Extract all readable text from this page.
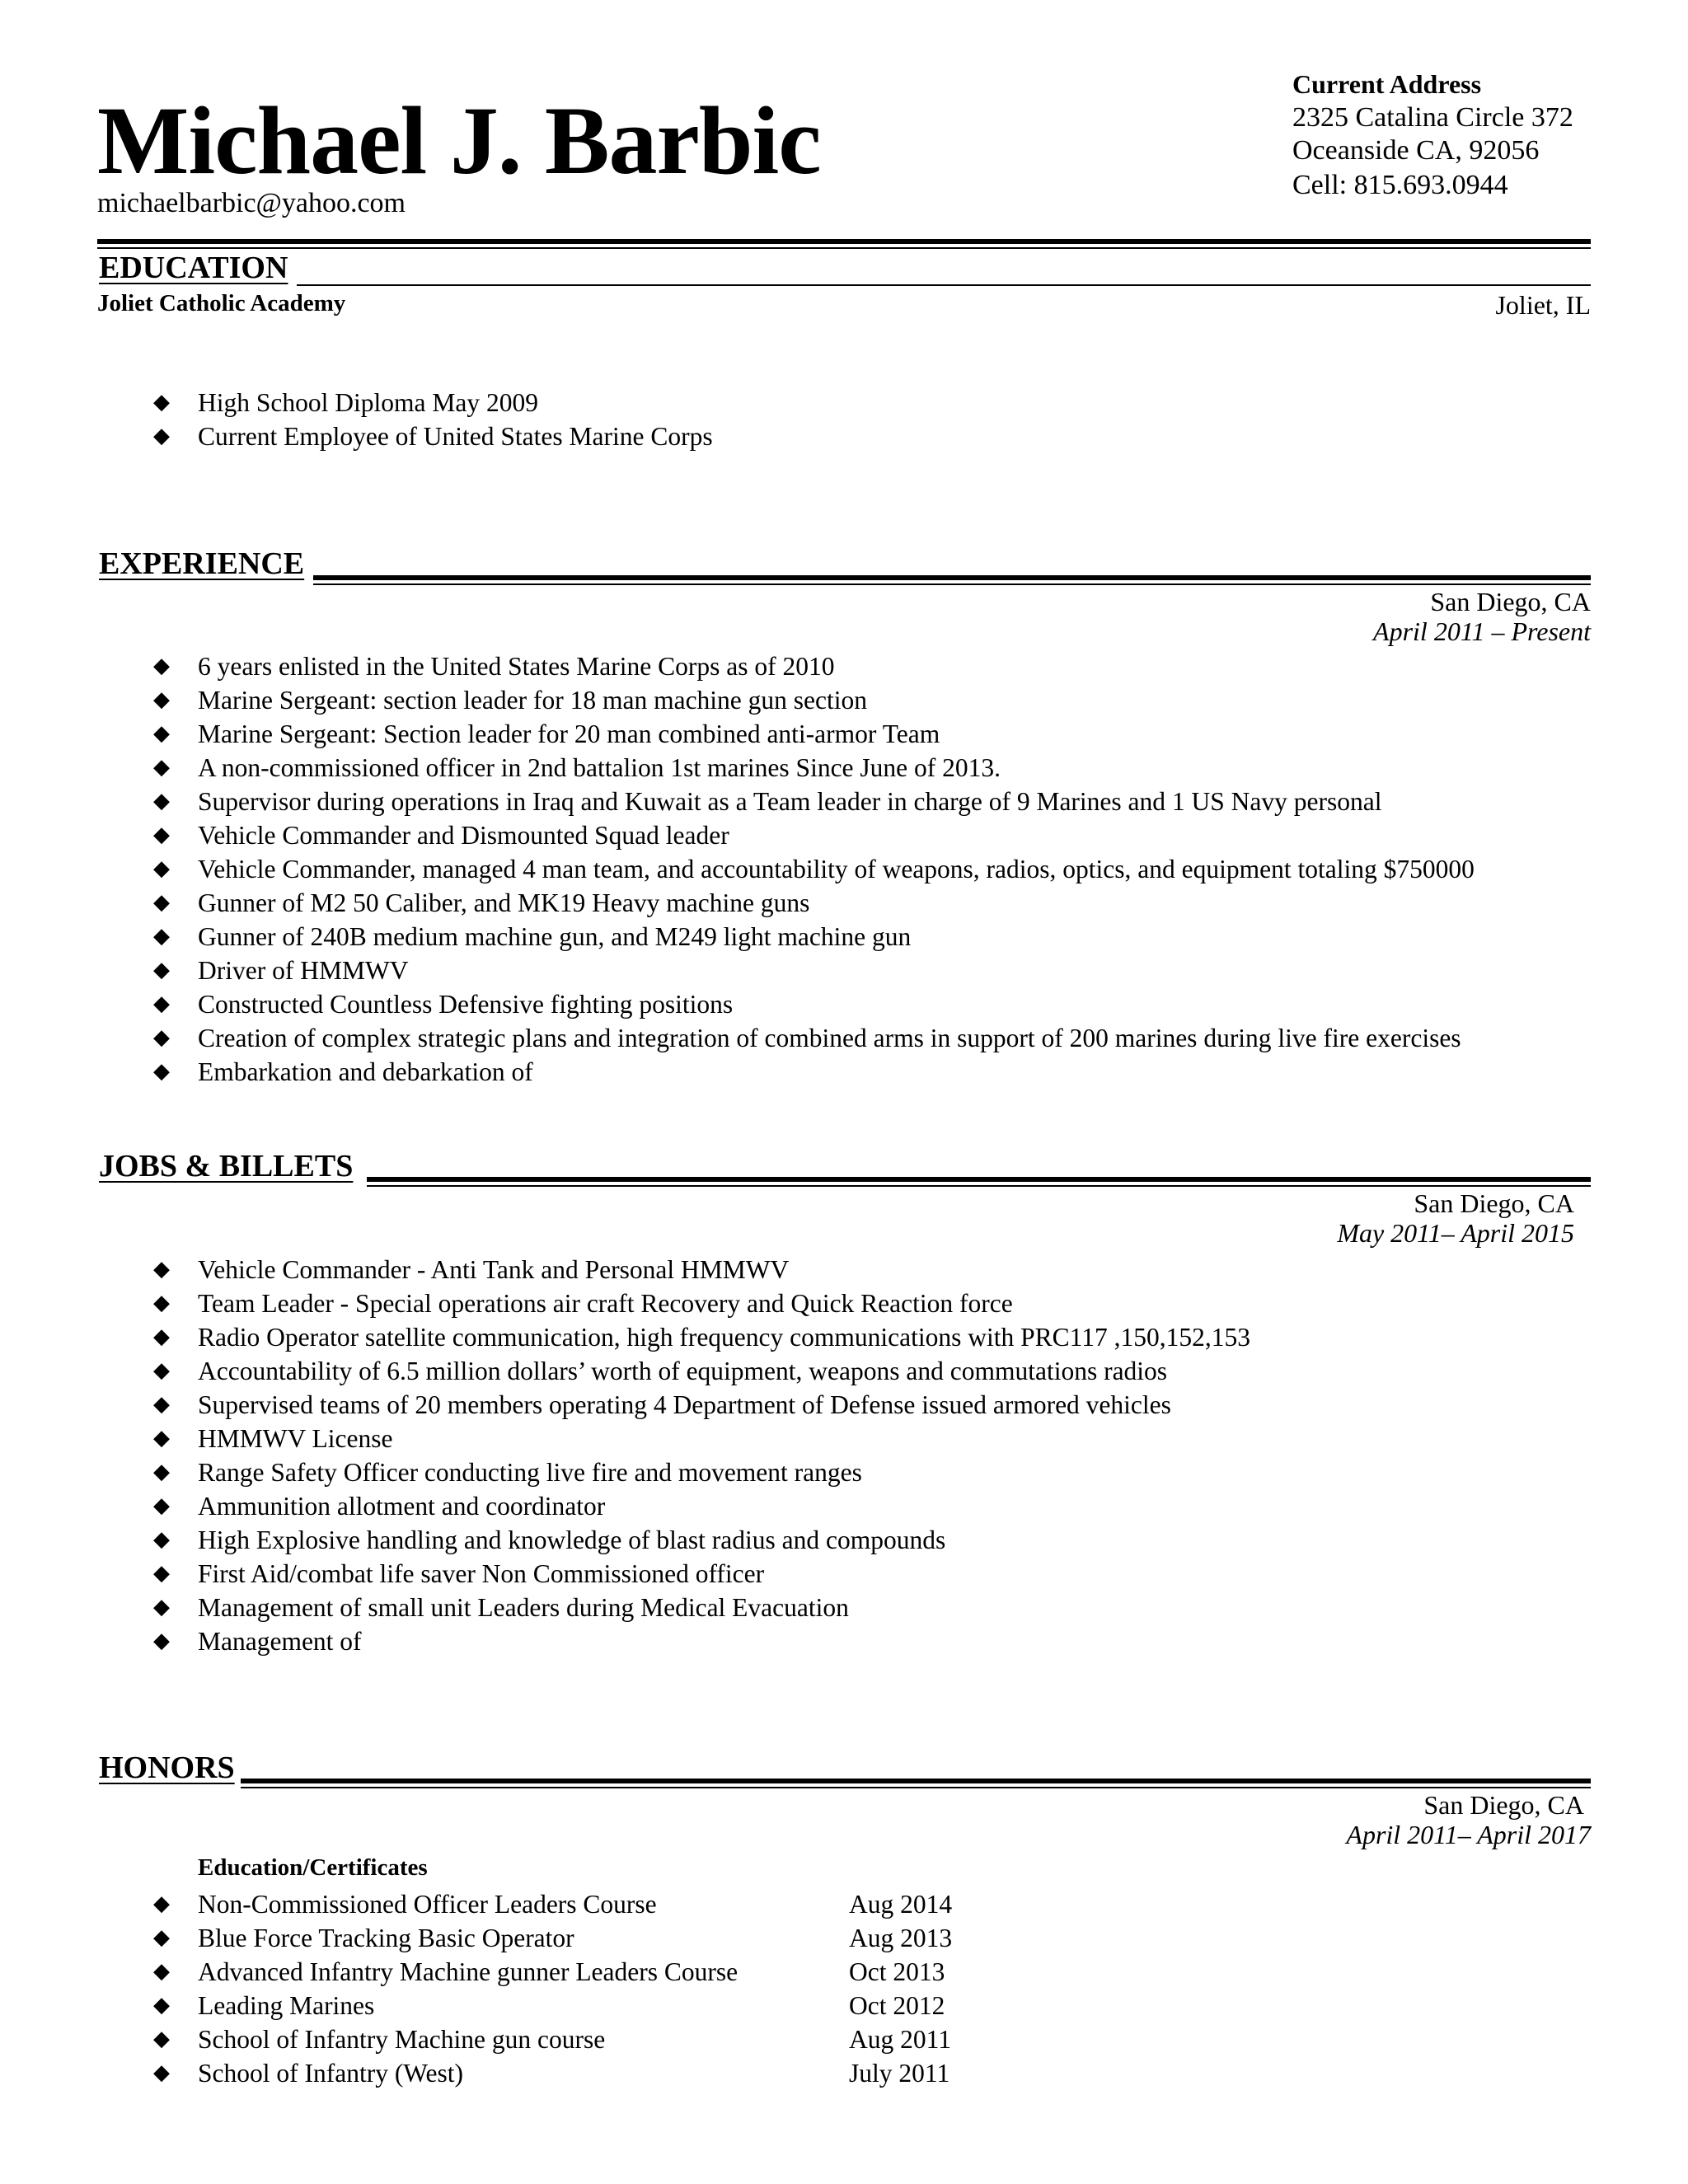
Michael J. Barbic
michaelbarbic@yahoo.com
Current Address
2325 Catalina Circle 372
Oceanside CA, 92056
Cell: 815.693.0944
EDUCATION
Joliet Catholic Academy	Joliet, IL
◆ High School Diploma May 2009
◆ Current Employee of United States Marine Corps
EXPERIENCE
San Diego, CA
April 2011 – Present
◆ 6 years enlisted in the United States Marine Corps as of 2010
◆ Marine Sergeant: section leader for 18 man machine gun section
◆ Marine Sergeant: Section leader for 20 man combined anti-armor Team
◆ A non-commissioned officer in 2nd battalion 1st marines Since June of 2013.
◆ Supervisor during operations in Iraq and Kuwait as a Team leader in charge of 9 Marines and 1 US Navy personal
◆ Vehicle Commander and Dismounted Squad leader
◆ Vehicle Commander, managed 4 man team, and accountability of weapons, radios, optics, and equipment totaling $750000
◆ Gunner of M2 50 Caliber, and MK19 Heavy machine guns
◆ Gunner of 240B medium machine gun, and M249 light machine gun
◆ Driver of HMMWV
◆ Constructed Countless Defensive fighting positions
◆ Creation of complex strategic plans and integration of combined arms in support of 200 marines during live fire exercises
◆ Embarkation and debarkation of
JOBS & BILLETS
San Diego, CA
May 2011– April 2015
◆ Vehicle Commander - Anti Tank and Personal HMMWV
◆ Team Leader - Special operations air craft Recovery and Quick Reaction force
◆ Radio Operator satellite communication, high frequency communications with PRC117 ,150,152,153
◆ Accountability of 6.5 million dollars’ worth of equipment, weapons and commutations radios
◆ Supervised teams of 20 members operating 4 Department of Defense issued armored vehicles
◆ HMMWV License
◆ Range Safety Officer conducting live fire and movement ranges
◆ Ammunition allotment and coordinator
◆ High Explosive handling and knowledge of blast radius and compounds
◆ First Aid/combat life saver Non Commissioned officer
◆ Management of small unit Leaders during Medical Evacuation
◆ Management of
HONORS
San Diego, CA
April 2011– April 2017
Education/Certificates
◆ Non-Commissioned Officer Leaders Course	Aug 2014
◆ Blue Force Tracking Basic Operator	Aug 2013
◆ Advanced Infantry Machine gunner Leaders Course	Oct 2013
◆ Leading Marines	Oct 2012
◆ School of Infantry Machine gun course	Aug 2011
◆ School of Infantry (West)	July 2011
